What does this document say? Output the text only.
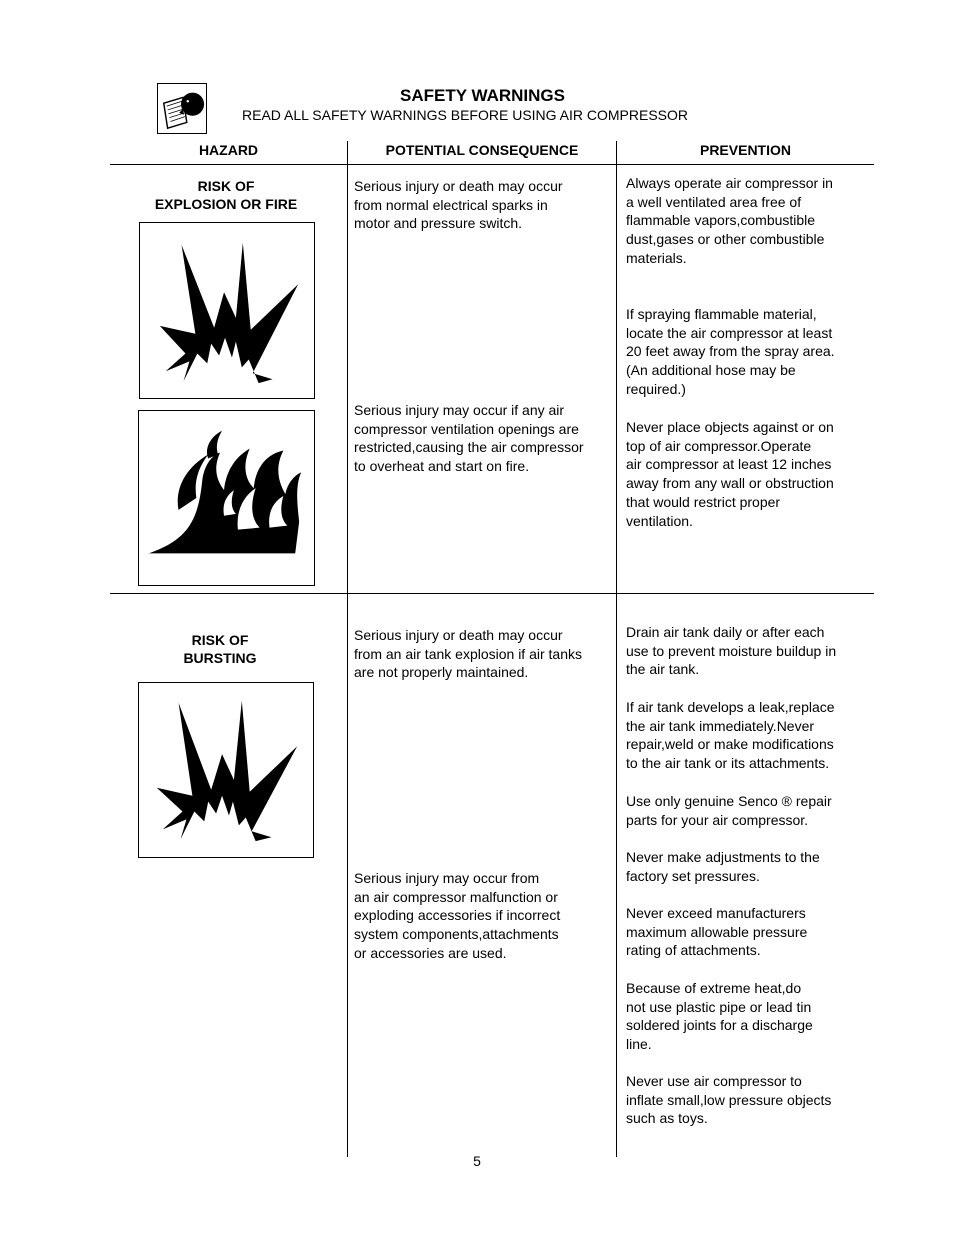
SAFETY WARNINGS
READ ALL SAFETY WARNINGS BEFORE USING AIR COMPRESSOR
HAZARD	POTENTIAL CONSEQUENCE	PREVENTION
RISK OF
EXPLOSION OR FIRE
Serious injury or death may occur
from normal electrical sparks in
motor and pressure switch.
Serious injury may occur if any air
compressor ventilation openings are
restricted,causing the air compressor
to overheat and start on fire.
Always operate air compressor in
a well ventilated area free of
flammable vapors,combustible
dust,gases or other combustible
materials.
If spraying flammable material,
locate the air compressor at least
20 feet away from the spray area.
(An additional hose may be
required.)
Never place objects against or on
top of air compressor.Operate
air compressor at least 12 inches
away from any wall or obstruction
that would restrict proper
ventilation.
RISK OF
BURSTING
Serious injury or death may occur
from an air tank explosion if air tanks
are not properly maintained.
Serious injury may occur from
an air compressor malfunction or
exploding accessories if incorrect
system components,attachments
or accessories are used.
Drain air tank daily or after each
use to prevent moisture buildup in
the air tank.
If air tank develops a leak,replace
the air tank immediately.Never
repair,weld or make modifications
to the air tank or its attachments.
Use only genuine Senco ® repair
parts for your air compressor.
Never make adjustments to the
factory set pressures.
Never exceed manufacturers
maximum allowable pressure
rating of attachments.
Because of extreme heat,do
not use plastic pipe or lead tin
soldered joints for a discharge
line.
Never use air compressor to
inflate small,low pressure objects
such as toys.
5
